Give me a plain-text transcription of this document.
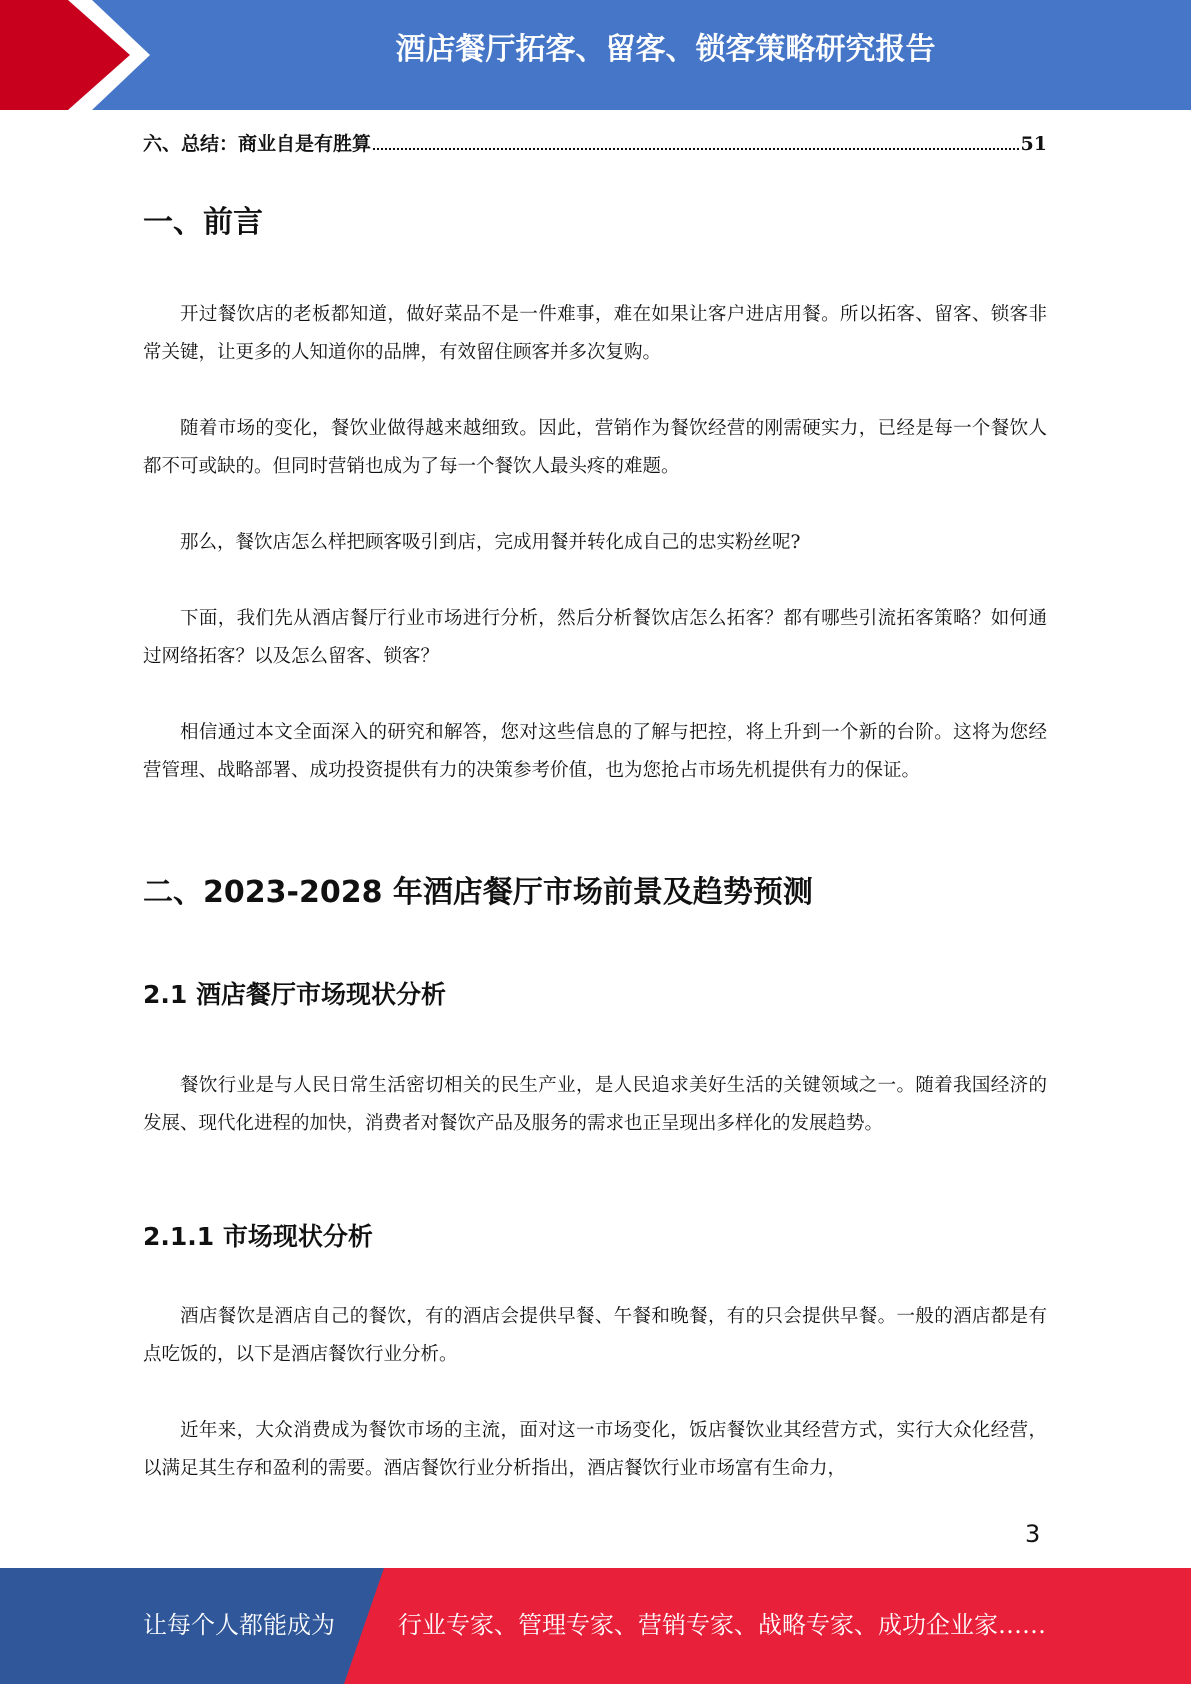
酒店餐厅拓客、留客、锁客策略研究报告
六、总结：商业自是有胜算	51
一、前言
开过餐饮店的老板都知道，做好菜品不是一件难事，难在如果让客户进店用餐。所以拓客、留客、锁客非常关键，让更多的人知道你的品牌，有效留住顾客并多次复购。
随着市场的变化，餐饮业做得越来越细致。因此，营销作为餐饮经营的刚需硬实力，已经是每一个餐饮人都不可或缺的。但同时营销也成为了每一个餐饮人最头疼的难题。
那么，餐饮店怎么样把顾客吸引到店，完成用餐并转化成自己的忠实粉丝呢?
下面，我们先从酒店餐厅行业市场进行分析，然后分析餐饮店怎么拓客？都有哪些引流拓客策略？如何通过网络拓客？以及怎么留客、锁客？
相信通过本文全面深入的研究和解答，您对这些信息的了解与把控，将上升到一个新的台阶。这将为您经营管理、战略部署、成功投资提供有力的决策参考价值，也为您抢占市场先机提供有力的保证。
二、2023-2028 年酒店餐厅市场前景及趋势预测
2.1 酒店餐厅市场现状分析
餐饮行业是与人民日常生活密切相关的民生产业，是人民追求美好生活的关键领域之一。随着我国经济的发展、现代化进程的加快，消费者对餐饮产品及服务的需求也正呈现出多样化的发展趋势。
2.1.1 市场现状分析
酒店餐饮是酒店自己的餐饮，有的酒店会提供早餐、午餐和晚餐，有的只会提供早餐。一般的酒店都是有点吃饭的，以下是酒店餐饮行业分析。
近年来，大众消费成为餐饮市场的主流，面对这一市场变化，饭店餐饮业其经营方式，实行大众化经营，以满足其生存和盈利的需要。酒店餐饮行业分析指出，酒店餐饮行业市场富有生命力，
3
让每个人都能成为	行业专家、管理专家、营销专家、战略专家、成功企业家……
